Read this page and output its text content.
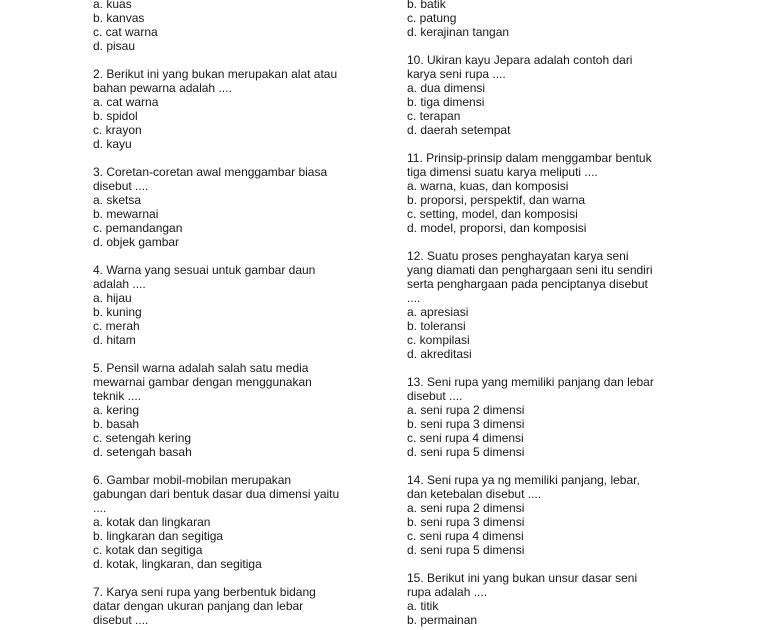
a. kuas
b. kanvas
c. cat warna
d. pisau
2. Berikut ini yang bukan merupakan alat atau
bahan pewarna adalah ....
a. cat warna
b. spidol
c. krayon
d. kayu
3. Coretan-coretan awal menggambar biasa
disebut ....
a. sketsa
b. mewarnai
c. pemandangan
d. objek gambar
4. Warna yang sesuai untuk gambar daun
adalah ....
a. hijau
b. kuning
c. merah
d. hitam
5. Pensil warna adalah salah satu media
mewarnai gambar dengan menggunakan
teknik ....
a. kering
b. basah
c. setengah kering
d. setengah basah
6. Gambar mobil-mobilan merupakan
gabungan dari bentuk dasar dua dimensi yaitu
....
a. kotak dan lingkaran
b. lingkaran dan segitiga
c. kotak dan segitiga
d. kotak, lingkaran, dan segitiga
7. Karya seni rupa yang berbentuk bidang
datar dengan ukuran panjang dan lebar
disebut ....
b. batik
c. patung
d. kerajinan tangan
10. Ukiran kayu Jepara adalah contoh dari
karya seni rupa ....
a. dua dimensi
b. tiga dimensi
c. terapan
d. daerah setempat
11. Prinsip-prinsip dalam menggambar bentuk
tiga dimensi suatu karya meliputi ....
a. warna, kuas, dan komposisi
b. proporsi, perspektif, dan warna
c. setting, model, dan komposisi
d. model, proporsi, dan komposisi
12. Suatu proses penghayatan karya seni
yang diamati dan penghargaan seni itu sendiri
serta penghargaan pada penciptanya disebut
....
a. apresiasi
b. toleransi
c. kompilasi
d. akreditasi
13. Seni rupa yang memiliki panjang dan lebar
disebut ....
a. seni rupa 2 dimensi
b. seni rupa 3 dimensi
c. seni rupa 4 dimensi
d. seni rupa 5 dimensi
14. Seni rupa ya ng memiliki panjang, lebar,
dan ketebalan disebut ....
a. seni rupa 2 dimensi
b. seni rupa 3 dimensi
c. seni rupa 4 dimensi
d. seni rupa 5 dimensi
15. Berikut ini yang bukan unsur dasar seni
rupa adalah ....
a. titik
b. permainan
